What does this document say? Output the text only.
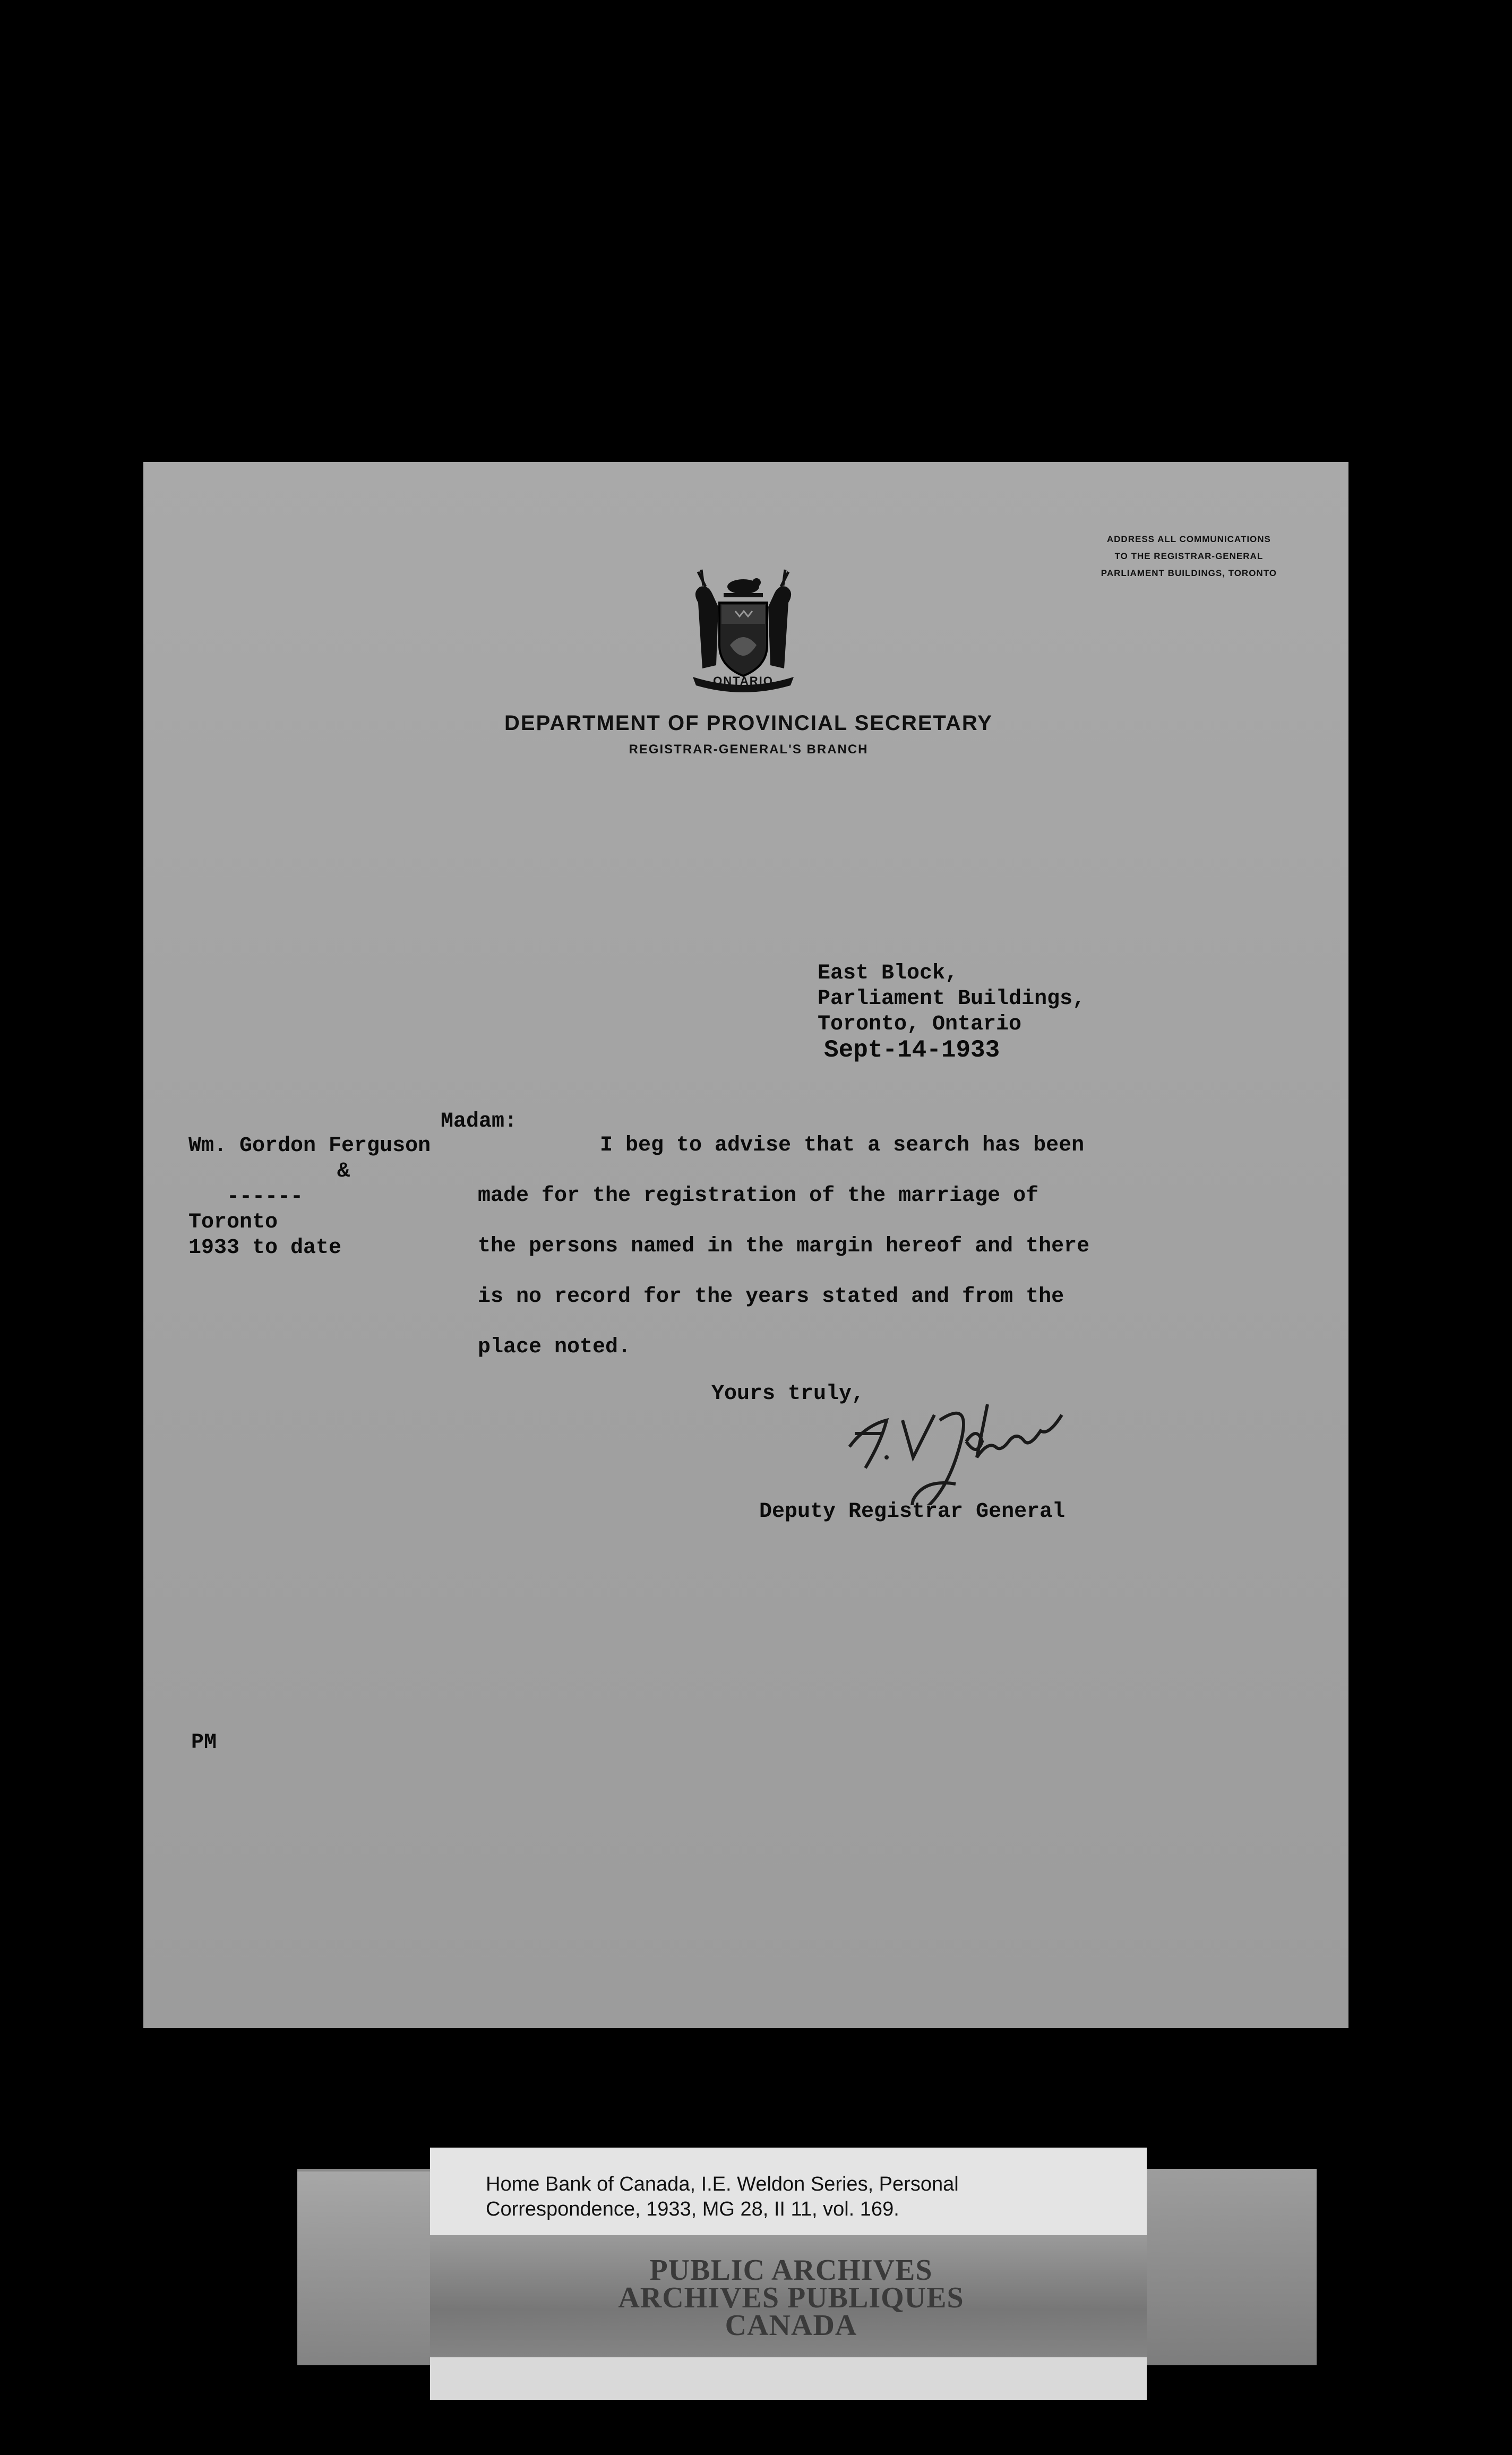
ADDRESS ALL COMMUNICATIONS
TO THE REGISTRAR-GENERAL
PARLIAMENT BUILDINGS, TORONTO
ONTARIO
DEPARTMENT OF PROVINCIAL SECRETARY
REGISTRAR-GENERAL'S BRANCH
East Block,
Parliament Buildings,
Toronto, Ontario
Sept-14-1933
Madam:
Wm. Gordon Ferguson
&
------
Toronto
1933 to date
I beg to advise that a search has been
made for the registration of the marriage of
the persons named in the margin hereof and there
is no record for the years stated and from the
place noted.
Yours truly,
Deputy Registrar General
PM
Home Bank of Canada, I.E. Weldon Series, Personal
Correspondence, 1933, MG 28, II 11, vol. 169.
PUBLIC ARCHIVES
ARCHIVES PUBLIQUES
CANADA
